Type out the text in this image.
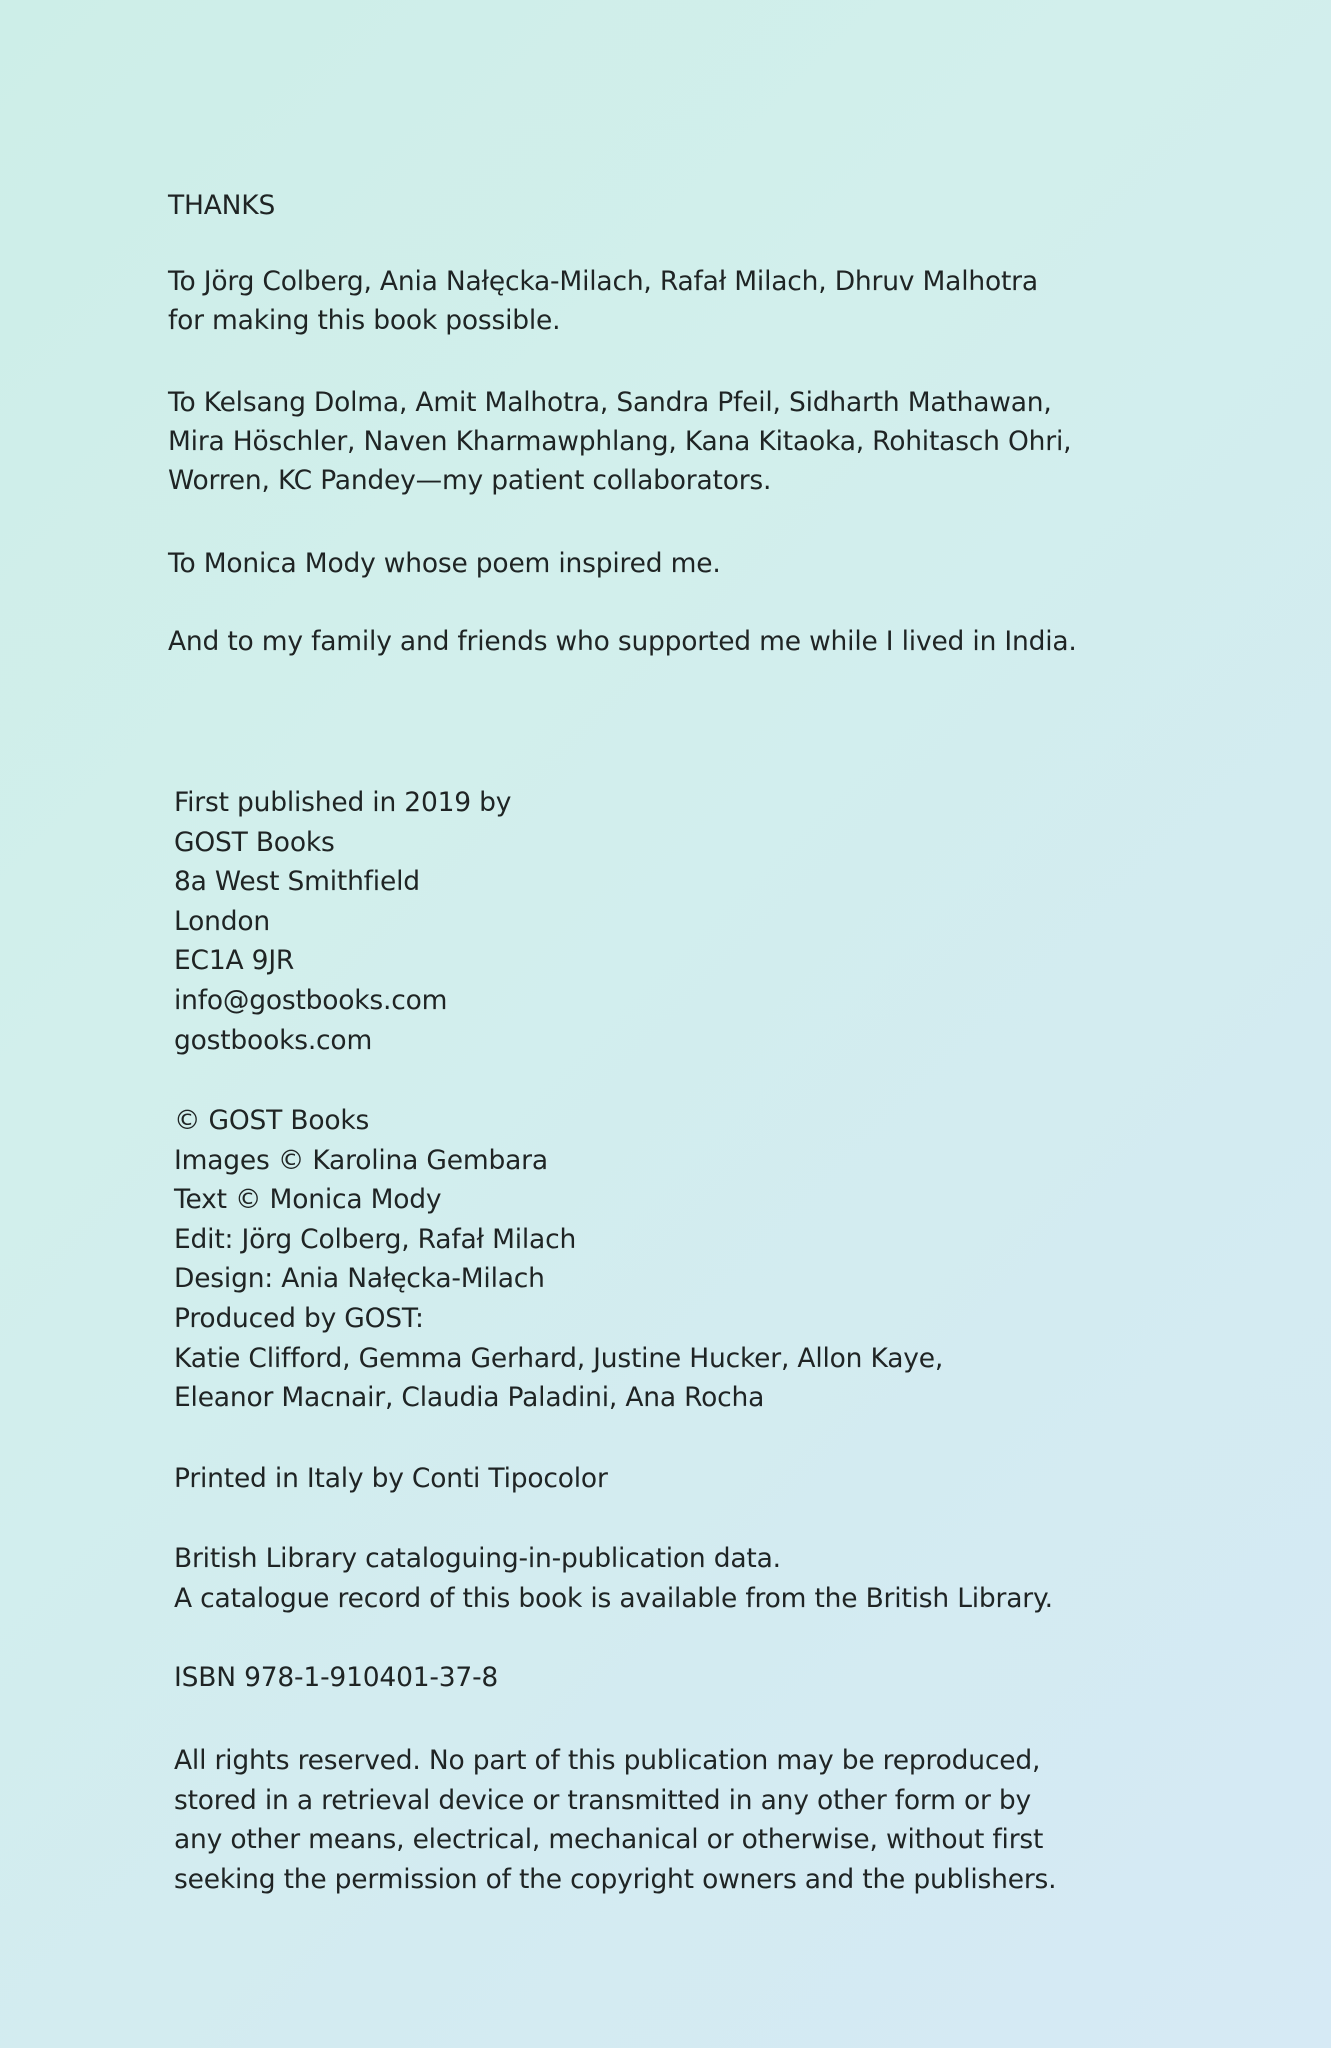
THANKS

To Jörg Colberg, Ania Nałęcka-Milach, Rafał Milach, Dhruv Malhotra

for making this book possible.

To Kelsang Dolma, Amit Malhotra, Sandra Pfeil, Sidharth Mathawan,

Mira Höschler, Naven Kharmawphlang, Kana Kitaoka, Rohitasch Ohri,

Worren, KC Pandey—my patient collaborators.

To Monica Mody whose poem inspired me.

And to my family and friends who supported me while I lived in India.

First published in 2019 by

GOST Books

8a West Smithfield

London

EC1A 9JR

info@gostbooks.com

gostbooks.com

© GOST Books

Images © Karolina Gembara

Text © Monica Mody

Edit: Jörg Colberg, Rafał Milach

Design: Ania Nałęcka-Milach

Produced by GOST:

Katie Clifford, Gemma Gerhard, Justine Hucker, Allon Kaye,

Eleanor Macnair, Claudia Paladini, Ana Rocha

Printed in Italy by Conti Tipocolor

British Library cataloguing-in-publication data.

A catalogue record of this book is available from the British Library.

ISBN 978-1-910401-37-8

All rights reserved. No part of this publication may be reproduced,

stored in a retrieval device or transmitted in any other form or by

any other means, electrical, mechanical or otherwise, without first

seeking the permission of the copyright owners and the publishers.
